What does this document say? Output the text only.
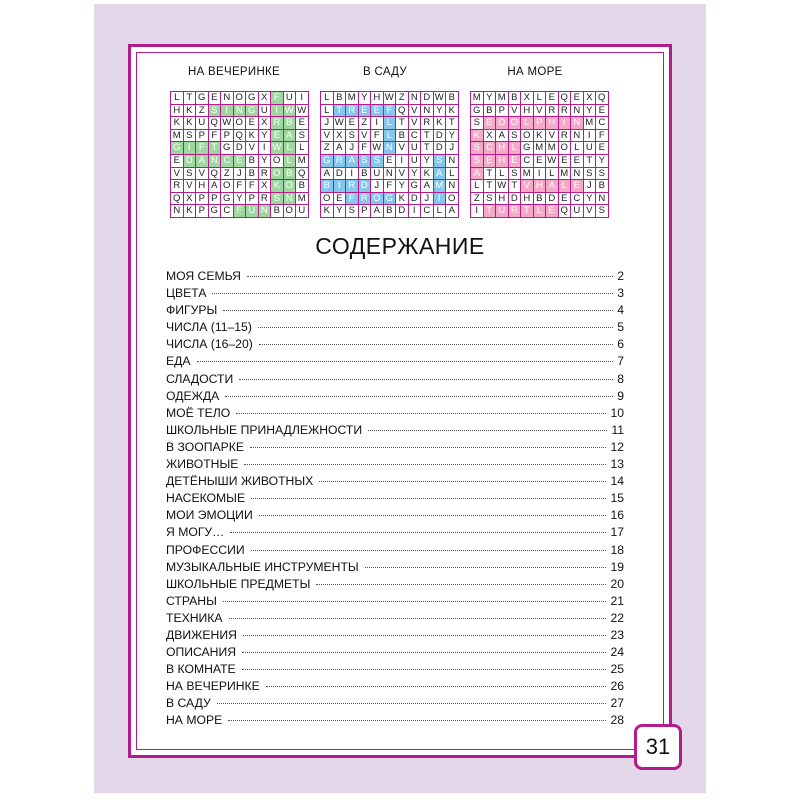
НА ВЕЧЕРИНКЕ	В САДУ	НА МОРЕ
L T G E N O G X F U I
H K Z S I N G U I W W
K K U Q W O E X R B E
M S P F P Q K Y E A S
G I F T G D V I W L L
E D A N C E B Y O L M
V S V Q Z J B R O B Q
R V H A O F F X K O B
Q X P P G Y P R S N M
N K P G C F U N B O U
L B M Y H W Z N D W B
L T R E E F Q V N Y K
J W E Z I L T V R K T
V X S V F L B C T D Y
Z A J F W N V U T D J
G R A S S E I U Y S N
A D I B U N V Y K A L
B I R D J F Y G A M N
O E F R O G K D J I O
K Y S P A B D I C L A
M Y M B X L E Q E X Q
G B P V H V R R N Y E
S E D O L P H I N M C
K X A S O K V R N I F
S C H L G M M O L U E
S E H E C E W E E T Y
A T L S M I L M N S S
L T W T V H A L E J B
Z S H D H B D E C Y N
I T U R T L E Q U V S
СОДЕРЖАНИЕ
МОЯ СЕМЬЯ	2
ЦВЕТА	3
ФИГУРЫ	4
ЧИСЛА (11–15)	5
ЧИСЛА (16–20)	6
ЕДА	7
СЛАДОСТИ	8
ОДЕЖДА	9
МОЁ ТЕЛО	10
ШКОЛЬНЫЕ ПРИНАДЛЕЖНОСТИ	11
В ЗООПАРКЕ	12
ЖИВОТНЫЕ	13
ДЕТЁНЫШИ ЖИВОТНЫХ	14
НАСЕКОМЫЕ	15
МОИ ЭМОЦИИ	16
Я МОГУ…	17
ПРОФЕССИИ	18
МУЗЫКАЛЬНЫЕ ИНСТРУМЕНТЫ	19
ШКОЛЬНЫЕ ПРЕДМЕТЫ	20
СТРАНЫ	21
ТЕХНИКА	22
ДВИЖЕНИЯ	23
ОПИСАНИЯ	24
В КОМНАТЕ	25
НА ВЕЧЕРИНКЕ	26
В САДУ	27
НА МОРЕ	28
31
